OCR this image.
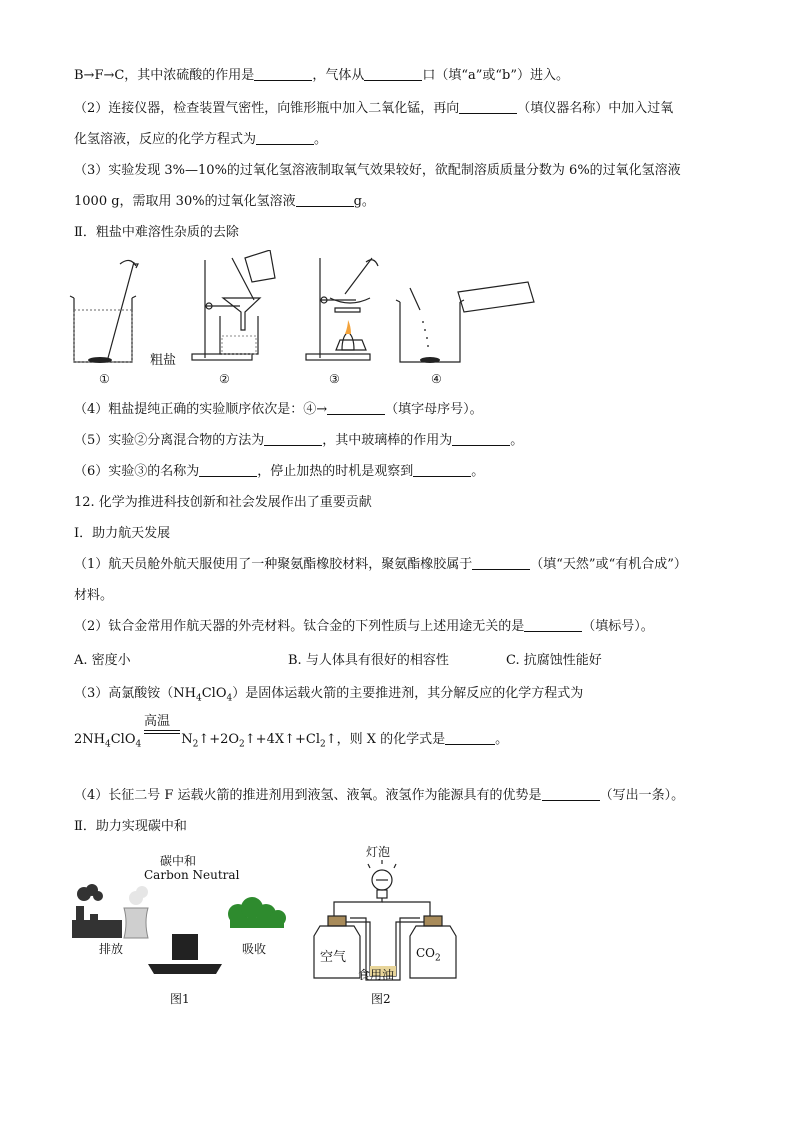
B→F→C，其中浓硫酸的作用是	，气体从	口（填“a”或“b”）进入。
（2）连接仪器，检查装置气密性，向锥形瓶中加入二氧化锰，再向	（填仪器名称）中加入过氧
化氢溶液，反应的化学方程式为	。
（3）实验发现 3%—10%的过氧化氢溶液制取氧气效果较好，欲配制溶质质量分数为 6%的过氧化氢溶液
1000 g，需取用 30%的过氧化氢溶液	g。
Ⅱ．粗盐中难溶性杂质的去除
粗盐
①	②	③	④
（4）粗盐提纯正确的实验顺序依次是：④→	（填字母序号）。
（5）实验②分离混合物的方法为	，其中玻璃棒的作用为	。
（6）实验③的名称为	，停止加热的时机是观察到	。
12. 化学为推进科技创新和社会发展作出了重要贡献
Ⅰ．助力航天发展
（1）航天员舱外航天服使用了一种聚氨酯橡胶材料，聚氨酯橡胶属于	（填“天然”或“有机合成”）
材料。
（2）钛合金常用作航天器的外壳材料。钛合金的下列性质与上述用途无关的是	（填标号）。
A. 密度小	B. 与人体具有很好的相容性	C. 抗腐蚀性能好
（3）高氯酸铵$(NH_4ClO_4)$是固体运载火箭的主要推进剂，其分解反应的化学方程式为
高温
$2NH_4ClO_4$	$N_2↑+2O_2↑+4X↑+Cl_2↑$，则 X 的化学式是	。
（4）长征二号 F 运载火箭的推进剂用到液氢、液氧。液氢作为能源具有的优势是	（写出一条）。
Ⅱ．助力实现碳中和
碳中和
Carbon Neutral
排放	吸收
图1
灯泡
空气	$CO_2$
食用油
图2
